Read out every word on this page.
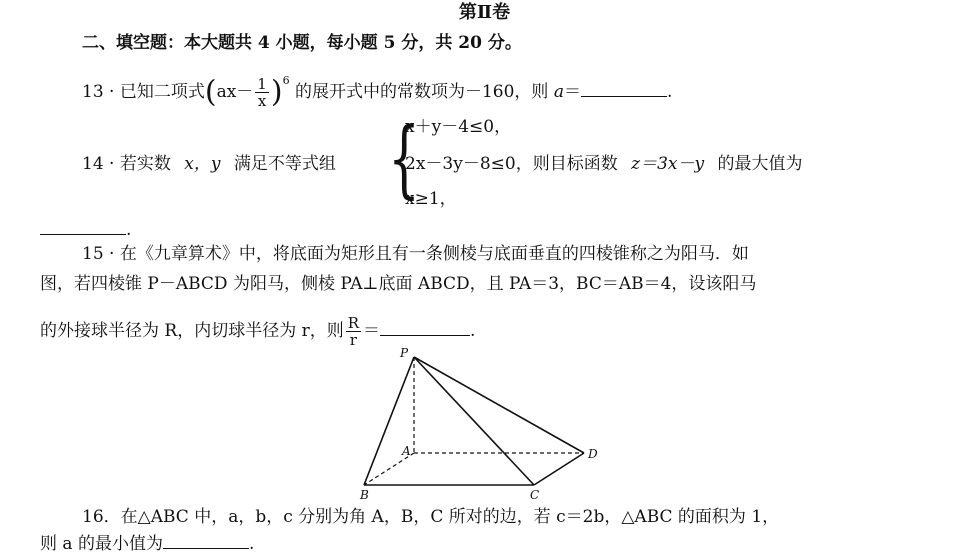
第Ⅱ卷
二、填空题：本大题共 4 小题，每小题 5 分，共 20 分。
13 · 已知二项式$(ax- \frac{1}{x} )^6$ 的展开式中的常数项为－160，则 a＝	.
{
x＋y－4≤0，
14 · 若实数 x，y 满足不等式组	2x－3y－8≤0，则目标函数 z＝3x－y 的最大值为
x≥1，
.
15 · 在《九章算术》中，将底面为矩形且有一条侧棱与底面垂直的四棱锥称之为阳马．如
图，若四棱锥 P－ABCD 为阳马，侧棱 PA⊥底面 ABCD，且 PA＝3，BC＝AB＝4，设该阳马
的外接球半径为 R，内切球半径为 r，则 $\frac{R}{r}$ ＝	.
P
A
B	C
D
16．在△ABC 中，a，b，c 分别为角 A，B，C 所对的边，若 c＝2b，△ABC 的面积为 1，
则 a 的最小值为	.
